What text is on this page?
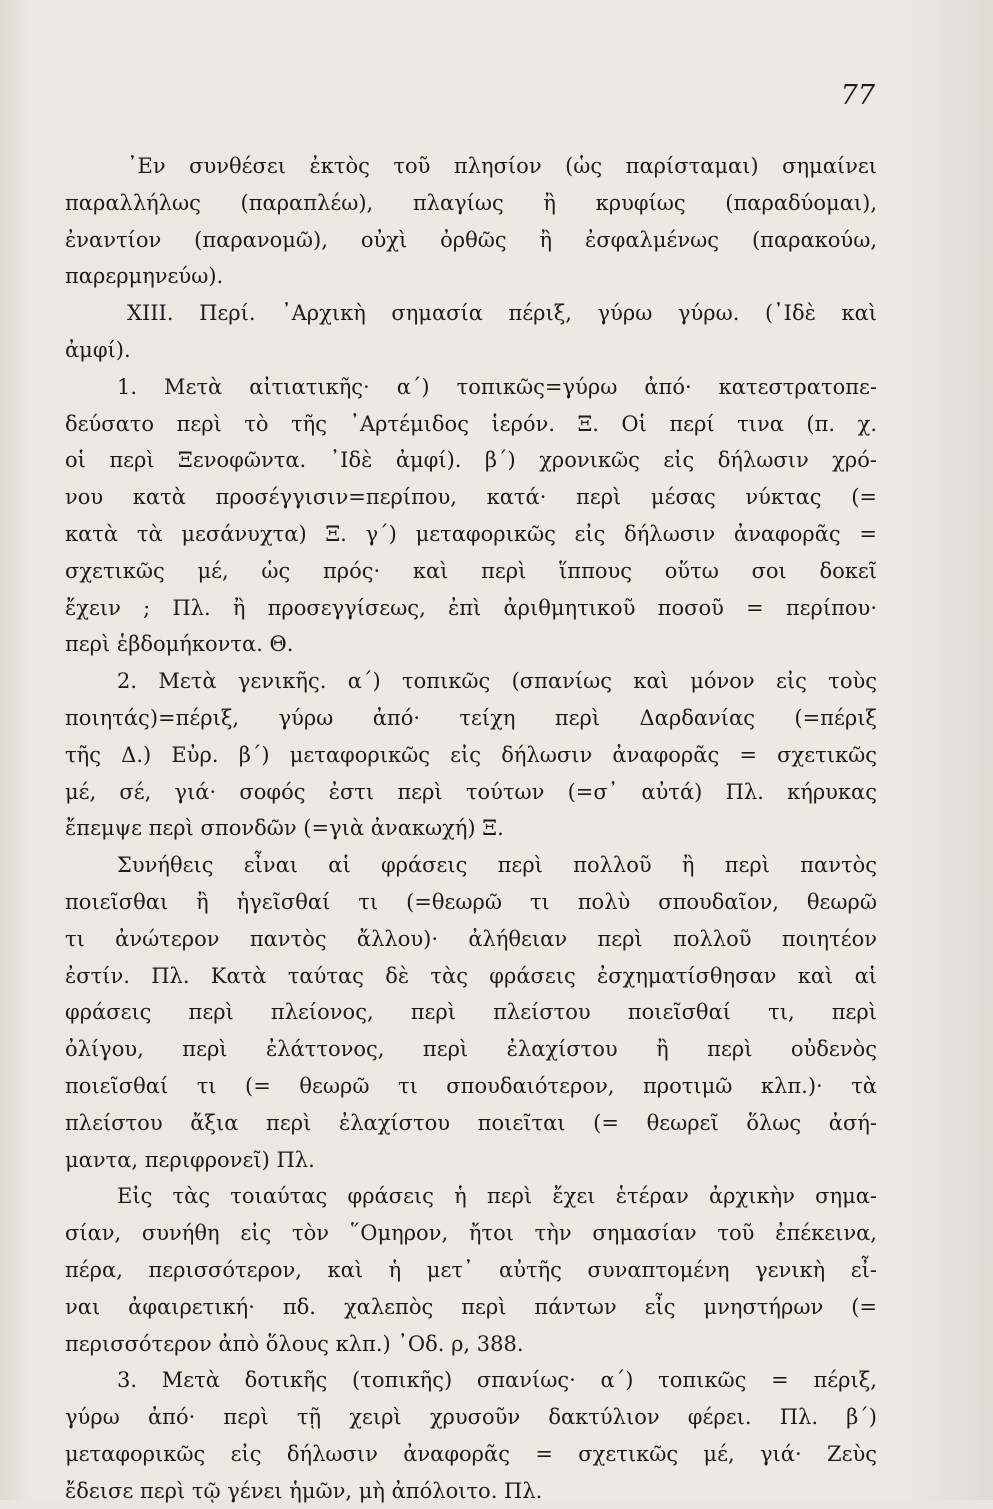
77
᾿Εν συνθέσει ἐκτὸς τοῦ πλησίον (ὡς παρίσταμαι) σημαίνει
παραλλήλως (παραπλέω), πλαγίως ἢ κρυφίως (παραδύομαι),
ἐναντίον (παρανομῶ), οὐχὶ ὀρθῶς ἢ ἐσφαλμένως (παρακούω,
παρερμηνεύω).
XIII. Περί. ᾿Αρχικὴ σημασία πέριξ, γύρω γύρω. (᾿Ιδὲ καὶ
ἀμφί).
1. Μετὰ αἰτιατικῆς· α΄) τοπικῶς=γύρω ἀπό· κατεστρατοπε-
δεύσατο περὶ τὸ τῆς ᾿Αρτέμιδος ἱερόν. Ξ. Οἱ περί τινα (π. χ.
οἱ περὶ Ξενοφῶντα. ᾿Ιδὲ ἀμφί). β΄) χρονικῶς εἰς δήλωσιν χρό-
νου κατὰ προσέγγισιν=περίπου, κατά· περὶ μέσας νύκτας (=
κατὰ τὰ μεσάνυχτα) Ξ. γ΄) μεταφορικῶς εἰς δήλωσιν ἀναφορᾶς =
σχετικῶς μέ, ὡς πρός· καὶ περὶ ἵππους οὕτω σοι δοκεῖ
ἔχειν ; Πλ. ἢ προσεγγίσεως, ἐπὶ ἀριθμητικοῦ ποσοῦ = περίπου·
περὶ ἑβδομήκοντα. Θ.
2. Μετὰ γενικῆς. α΄) τοπικῶς (σπανίως καὶ μόνον εἰς τοὺς
ποιητάς)=πέριξ, γύρω ἀπό· τείχη περὶ Δαρδανίας (=πέριξ
τῆς Δ.) Εὐρ. β΄) μεταφορικῶς εἰς δήλωσιν ἀναφορᾶς = σχετικῶς
μέ, σέ, γιά· σοφός ἐστι περὶ τούτων (=σ᾿ αὐτά) Πλ. κήρυκας
ἔπεμψε περὶ σπονδῶν (=γιὰ ἀνακωχή) Ξ.
Συνήθεις εἶναι αἱ φράσεις περὶ πολλοῦ ἢ περὶ παντὸς
ποιεῖσθαι ἢ ἡγεῖσθαί τι (=θεωρῶ τι πολὺ σπουδαῖον, θεωρῶ
τι ἀνώτερον παντὸς ἄλλου)· ἀλήθειαν περὶ πολλοῦ ποιητέον
ἐστίν. Πλ. Κατὰ ταύτας δὲ τὰς φράσεις ἐσχηματίσθησαν καὶ αἱ
φράσεις περὶ πλείονος, περὶ πλείστου ποιεῖσθαί τι, περὶ
ὀλίγου, περὶ ἐλάττονος, περὶ ἐλαχίστου ἢ περὶ οὐδενὸς
ποιεῖσθαί τι (= θεωρῶ τι σπουδαιότερον, προτιμῶ κλπ.)· τὰ
πλείστου ἄξια περὶ ἐλαχίστου ποιεῖται (= θεωρεῖ ὅλως ἀσή-
μαντα, περιφρονεῖ) Πλ.
Εἰς τὰς τοιαύτας φράσεις ἡ περὶ ἔχει ἑτέραν ἀρχικὴν σημα-
σίαν, συνήθη εἰς τὸν ῞Ομηρον, ἤτοι τὴν σημασίαν τοῦ ἐπέκεινα,
πέρα, περισσότερον, καὶ ἡ μετ᾿ αὐτῆς συναπτομένη γενικὴ εἶ-
ναι ἀφαιρετική· πδ. χαλεπὸς περὶ πάντων εἶς μνηστήρων (=
περισσότερον ἀπὸ ὅλους κλπ.) ᾿Οδ. ρ, 388.
3. Μετὰ δοτικῆς (τοπικῆς) σπανίως· α΄) τοπικῶς = πέριξ,
γύρω ἀπό· περὶ τῇ χειρὶ χρυσοῦν δακτύλιον φέρει. Πλ. β΄)
μεταφορικῶς εἰς δήλωσιν ἀναφορᾶς = σχετικῶς μέ, γιά· Ζεὺς
ἔδεισε περὶ τῷ γένει ἡμῶν, μὴ ἀπόλοιτο. Πλ.
